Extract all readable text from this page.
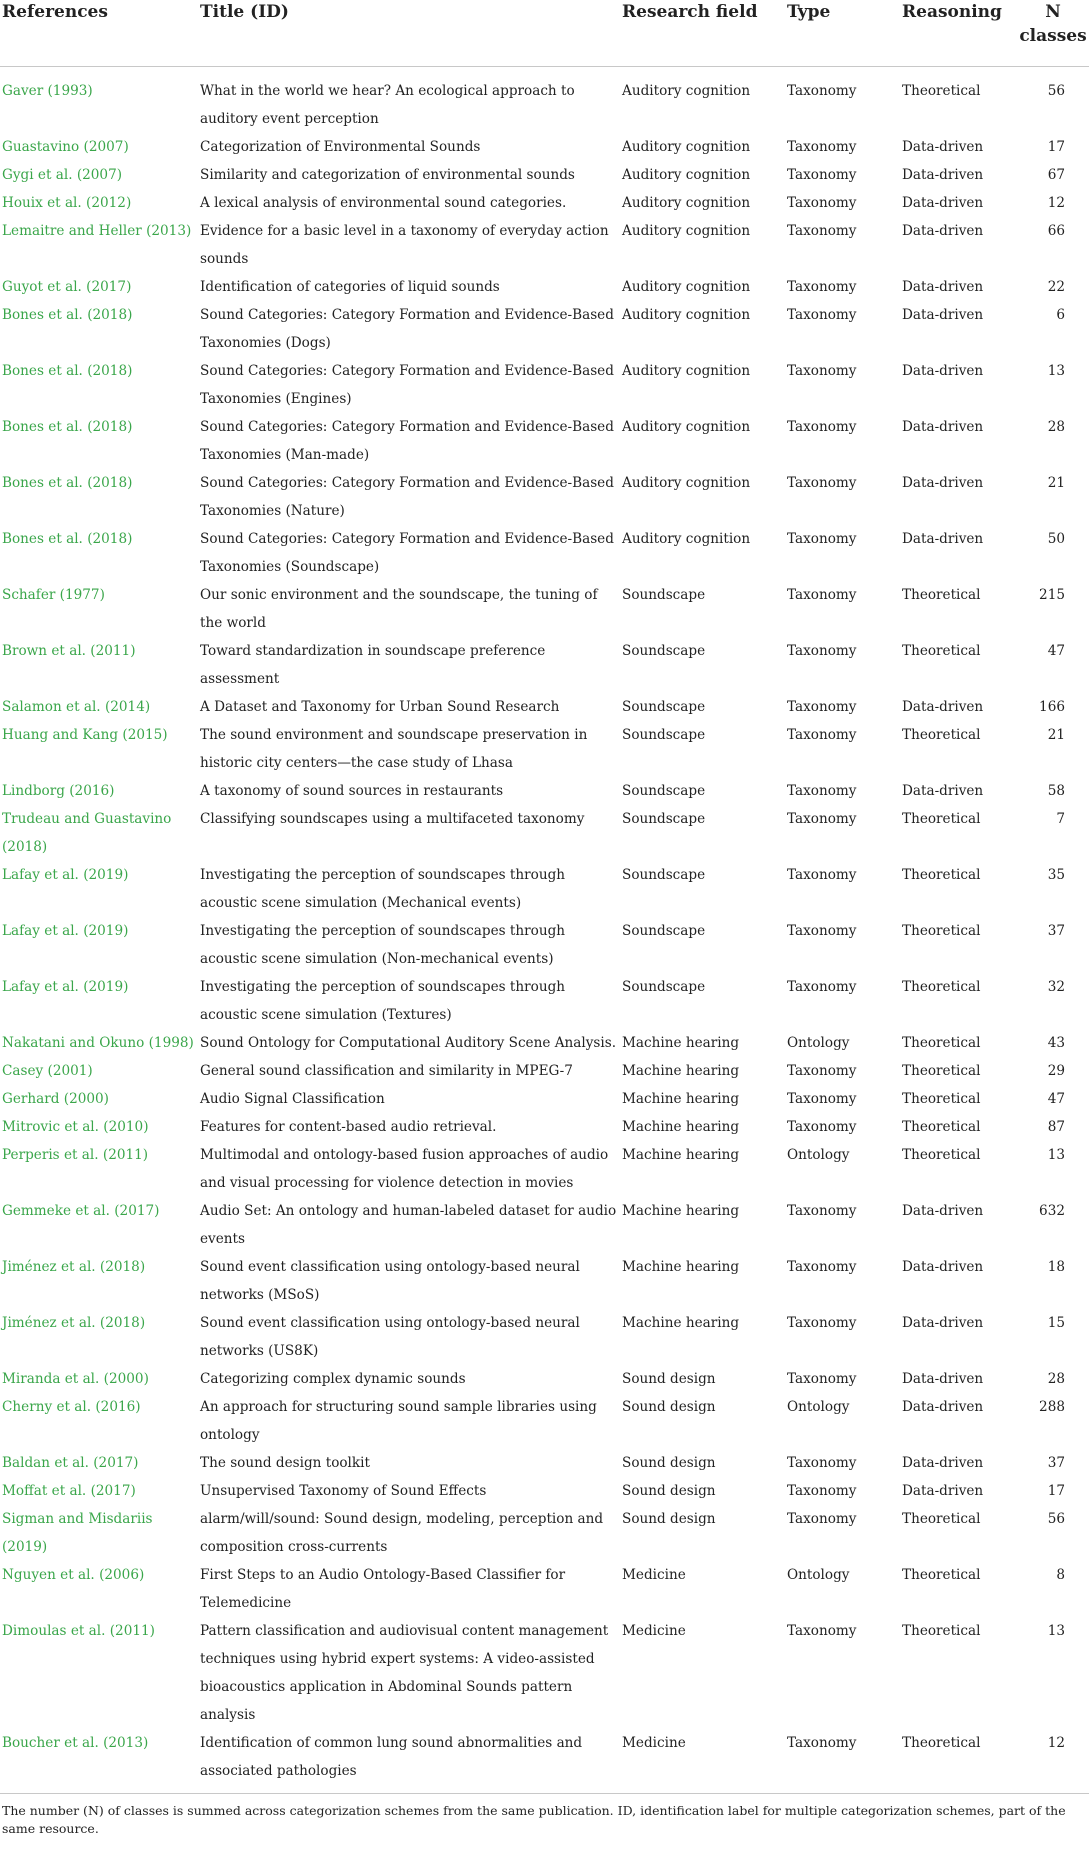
References	Title (ID)	Research field	Type	Reasoning	N classes
Gaver (1993)	What in the world we hear? An ecological approach to auditory event perception	Auditory cognition	Taxonomy	Theoretical	56
Guastavino (2007)	Categorization of Environmental Sounds	Auditory cognition	Taxonomy	Data-driven	17
Gygi et al. (2007)	Similarity and categorization of environmental sounds	Auditory cognition	Taxonomy	Data-driven	67
Houix et al. (2012)	A lexical analysis of environmental sound categories.	Auditory cognition	Taxonomy	Data-driven	12
Lemaitre and Heller (2013)	Evidence for a basic level in a taxonomy of everyday action sounds	Auditory cognition	Taxonomy	Data-driven	66
Guyot et al. (2017)	Identification of categories of liquid sounds	Auditory cognition	Taxonomy	Data-driven	22
Bones et al. (2018)	Sound Categories: Category Formation and Evidence-Based Taxonomies (Dogs)	Auditory cognition	Taxonomy	Data-driven	6
Bones et al. (2018)	Sound Categories: Category Formation and Evidence-Based Taxonomies (Engines)	Auditory cognition	Taxonomy	Data-driven	13
Bones et al. (2018)	Sound Categories: Category Formation and Evidence-Based Taxonomies (Man-made)	Auditory cognition	Taxonomy	Data-driven	28
Bones et al. (2018)	Sound Categories: Category Formation and Evidence-Based Taxonomies (Nature)	Auditory cognition	Taxonomy	Data-driven	21
Bones et al. (2018)	Sound Categories: Category Formation and Evidence-Based Taxonomies (Soundscape)	Auditory cognition	Taxonomy	Data-driven	50
Schafer (1977)	Our sonic environment and the soundscape, the tuning of the world	Soundscape	Taxonomy	Theoretical	215
Brown et al. (2011)	Toward standardization in soundscape preference assessment	Soundscape	Taxonomy	Theoretical	47
Salamon et al. (2014)	A Dataset and Taxonomy for Urban Sound Research	Soundscape	Taxonomy	Data-driven	166
Huang and Kang (2015)	The sound environment and soundscape preservation in historic city centers—the case study of Lhasa	Soundscape	Taxonomy	Theoretical	21
Lindborg (2016)	A taxonomy of sound sources in restaurants	Soundscape	Taxonomy	Data-driven	58
Trudeau and Guastavino (2018)	Classifying soundscapes using a multifaceted taxonomy	Soundscape	Taxonomy	Theoretical	7
Lafay et al. (2019)	Investigating the perception of soundscapes through acoustic scene simulation (Mechanical events)	Soundscape	Taxonomy	Theoretical	35
Lafay et al. (2019)	Investigating the perception of soundscapes through acoustic scene simulation (Non-mechanical events)	Soundscape	Taxonomy	Theoretical	37
Lafay et al. (2019)	Investigating the perception of soundscapes through acoustic scene simulation (Textures)	Soundscape	Taxonomy	Theoretical	32
Nakatani and Okuno (1998)	Sound Ontology for Computational Auditory Scene Analysis.	Machine hearing	Ontology	Theoretical	43
Casey (2001)	General sound classification and similarity in MPEG-7	Machine hearing	Taxonomy	Theoretical	29
Gerhard (2000)	Audio Signal Classification	Machine hearing	Taxonomy	Theoretical	47
Mitrovic et al. (2010)	Features for content-based audio retrieval.	Machine hearing	Taxonomy	Theoretical	87
Perperis et al. (2011)	Multimodal and ontology-based fusion approaches of audio and visual processing for violence detection in movies	Machine hearing	Ontology	Theoretical	13
Gemmeke et al. (2017)	Audio Set: An ontology and human-labeled dataset for audio events	Machine hearing	Taxonomy	Data-driven	632
Jiménez et al. (2018)	Sound event classification using ontology-based neural networks (MSoS)	Machine hearing	Taxonomy	Data-driven	18
Jiménez et al. (2018)	Sound event classification using ontology-based neural networks (US8K)	Machine hearing	Taxonomy	Data-driven	15
Miranda et al. (2000)	Categorizing complex dynamic sounds	Sound design	Taxonomy	Data-driven	28
Cherny et al. (2016)	An approach for structuring sound sample libraries using ontology	Sound design	Ontology	Data-driven	288
Baldan et al. (2017)	The sound design toolkit	Sound design	Taxonomy	Data-driven	37
Moffat et al. (2017)	Unsupervised Taxonomy of Sound Effects	Sound design	Taxonomy	Data-driven	17
Sigman and Misdariis (2019)	alarm/will/sound: Sound design, modeling, perception and composition cross-currents	Sound design	Taxonomy	Theoretical	56
Nguyen et al. (2006)	First Steps to an Audio Ontology-Based Classifier for Telemedicine	Medicine	Ontology	Theoretical	8
Dimoulas et al. (2011)	Pattern classification and audiovisual content management techniques using hybrid expert systems: A video-assisted bioacoustics application in Abdominal Sounds pattern analysis	Medicine	Taxonomy	Theoretical	13
Boucher et al. (2013)	Identification of common lung sound abnormalities and associated pathologies	Medicine	Taxonomy	Theoretical	12
The number (N) of classes is summed across categorization schemes from the same publication. ID, identification label for multiple categorization schemes, part of the same resource.
